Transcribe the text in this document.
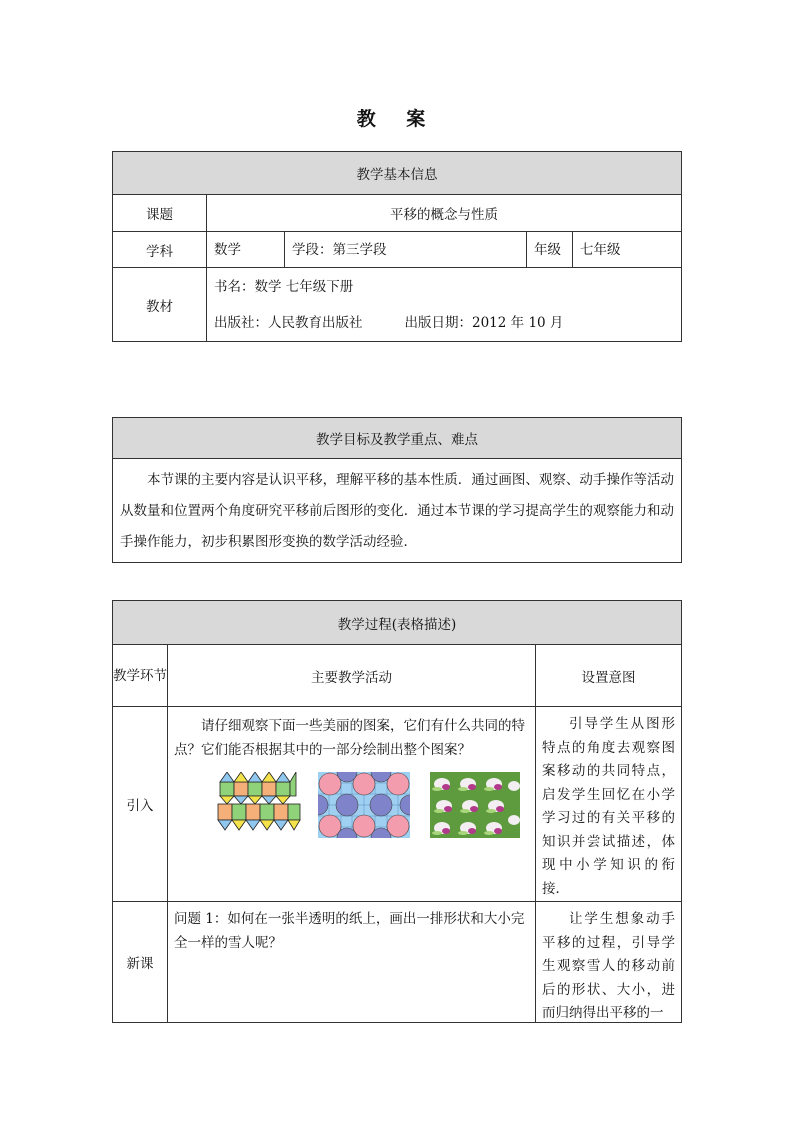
教 案
教学基本信息				
课题	平移的概念与性质			
学科	数学	学段：第三学段	年级	七年级
教材	书名：数学 七年级下册
出版社：人民教育出版社 出版日期：2012 年 10 月			
教学目标及教学重点、难点

本节课的主要内容是认识平移，理解平移的基本性质．通过画图、观察、动手操作等活动从数量和位置两个角度研究平移前后图形的变化．通过本节课的学习提高学生的观察能力和动手操作能力，初步积累图形变换的数学活动经验．
教学过程(表格描述)		
教学环节	主要教学活动	设置意图
引入	请仔细观察下面一些美丽的图案，它们有什么共同的特点？它们能否根据其中的一部分绘制出整个图案？	引导学生从图形特点的角度去观察图案移动的共同特点，启发学生回忆在小学学习过的有关平移的知识并尝试描述，体现中小学知识的衔接．

新课	问题 1：如何在一张半透明的纸上，画出一排形状和大小完全一样的雪人呢？	让学生想象动手平移的过程，引导学生观察雪人的移动前后的形状、大小，进而归纳得出平移的一
